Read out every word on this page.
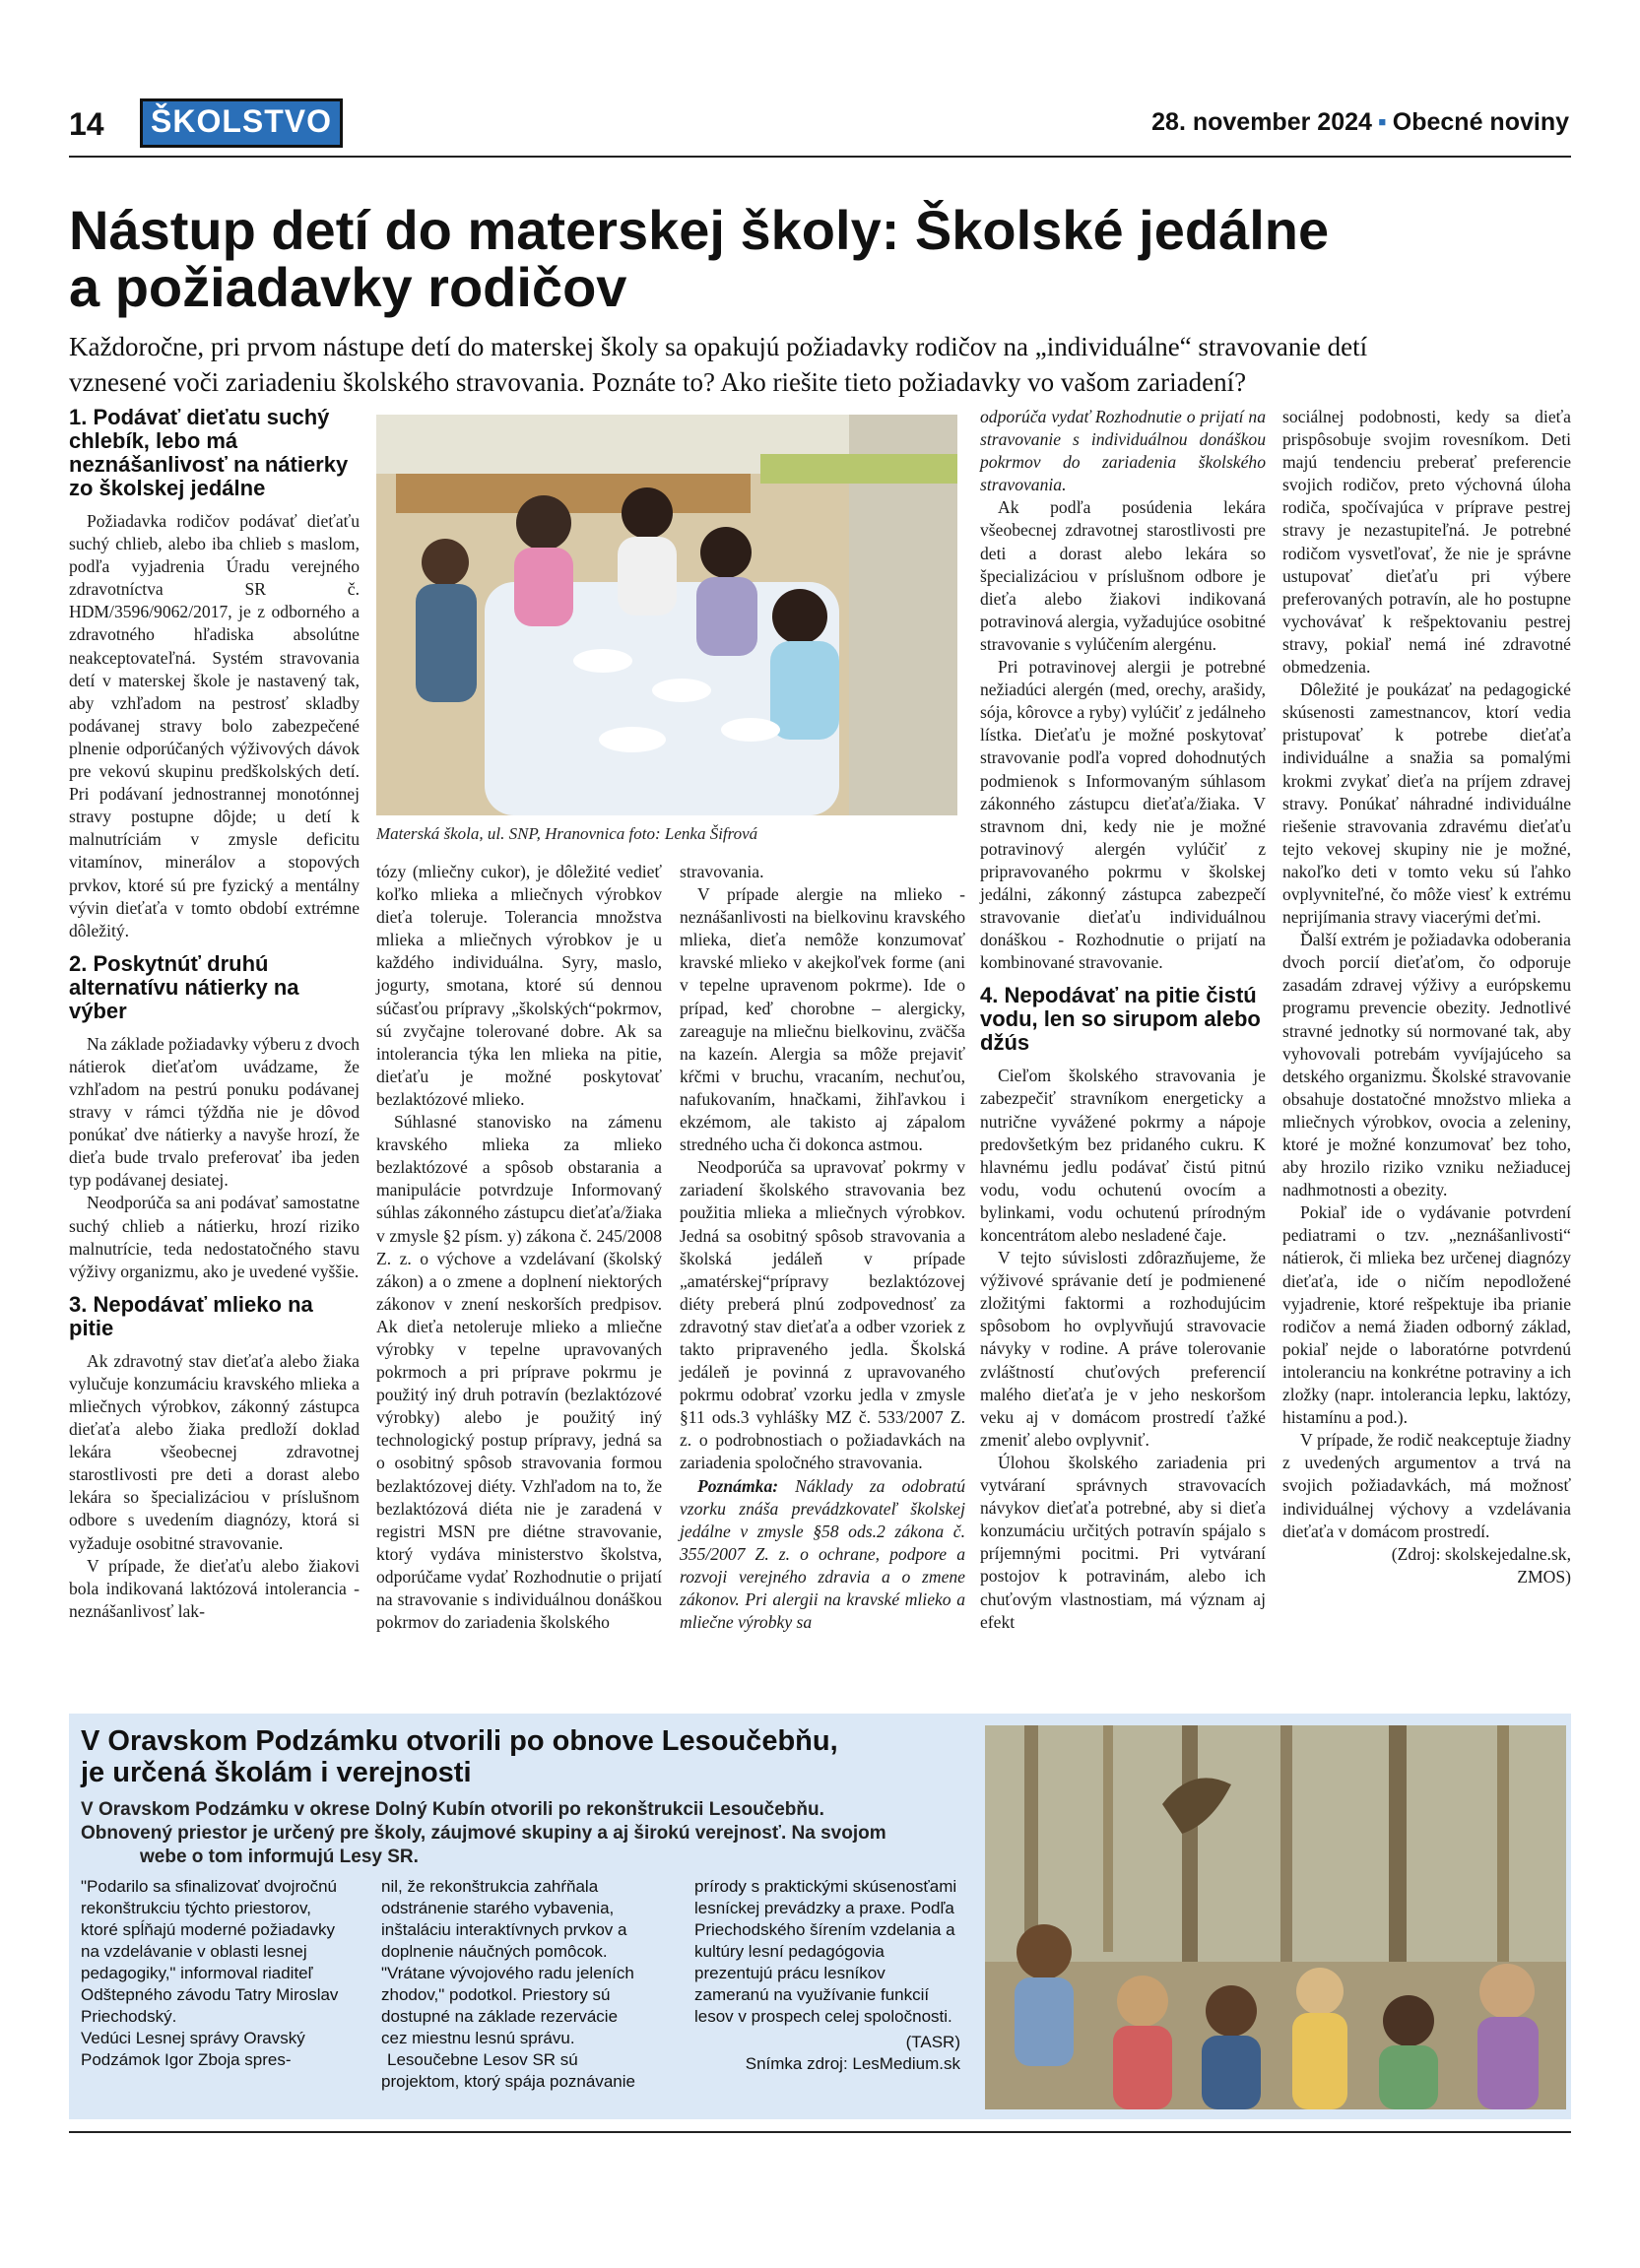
14	ŠKOLSTVO	28. november 2024 ▪ Obecné noviny
Nástup detí do materskej školy: Školské jedálne
a požiadavky rodičov
Každoročne, pri prvom nástupe detí do materskej školy sa opakujú požiadavky rodičov na „individuálne“ stravovanie detí
vznesené voči zariadeniu školského stravovania. Poznáte to? Ako riešite tieto požiadavky vo vašom zariadení?
1. Podávať dieťatu suchý chlebík, lebo má neznášanlivosť na nátierky zo školskej jedálne

Požiadavka rodičov podávať dieťaťu suchý chlieb, alebo iba chlieb s maslom, podľa vyjadrenia Úradu verejného zdravotníctva SR č. HDM/3596/9062/2017, je z odborného a zdravotného hľadiska absolútne neakceptovateľná. Systém stravovania detí v materskej škole je nastavený tak, aby vzhľadom na pestrosť skladby podávanej stravy bolo zabezpečené plnenie odporúčaných výživových dávok pre vekovú skupinu predškolských detí. Pri podávaní jednostrannej monotónnej stravy postupne dôjde; u detí k malnutríciám v zmysle deficitu vitamínov, minerálov a stopových prvkov, ktoré sú pre fyzický a mentálny vývin dieťaťa v tomto období extrémne dôležitý.

2. Poskytnúť druhú alternatívu nátierky na výber

Na základe požiadavky výberu z dvoch nátierok dieťaťom uvádzame, že vzhľadom na pestrú ponuku podávanej stravy v rámci týždňa nie je dôvod ponúkať dve nátierky a navyše hrozí, že dieťa bude trvalo preferovať iba jeden typ podávanej desiatej.

Neodporúča sa ani podávať samostatne suchý chlieb a nátierku, hrozí riziko malnutrície, teda nedostatočného stavu výživy organizmu, ako je uvedené vyššie.

3. Nepodávať mlieko na pitie

Ak zdravotný stav dieťaťa alebo žiaka vylučuje konzumáciu kravského mlieka a mliečnych výrobkov, zákonný zástupca dieťaťa alebo žiaka predloží doklad lekára všeobecnej zdravotnej starostlivosti pre deti a dorast alebo lekára so špecializáciou v príslušnom odbore s uvedením diagnózy, ktorá si vyžaduje osobitné stravovanie.

V prípade, že dieťaťu alebo žiakovi bola indikovaná laktózová intolerancia - neznášanlivosť lak-

Materská škola, ul. SNP, Hranovnica foto: Lenka Šifrová

tózy (mliečny cukor), je dôležité vedieť koľko mlieka a mliečnych výrobkov dieťa toleruje. Tolerancia množstva mlieka a mliečnych výrobkov je u každého individuálna. Syry, maslo, jogurty, smotana, ktoré sú dennou súčasťou prípravy „školských“pokrmov, sú zvyčajne tolerované dobre. Ak sa intolerancia týka len mlieka na pitie, dieťaťu je možné poskytovať bezlaktózové mlieko.

Súhlasné stanovisko na zámenu kravského mlieka za mlieko bezlaktózové a spôsob obstarania a manipulácie potvrdzuje Informovaný súhlas zákonného zástupcu dieťaťa/žiaka v zmysle §2 písm. y) zákona č. 245/2008 Z. z. o výchove a vzdelávaní (školský zákon) a o zmene a doplnení niektorých zákonov v znení neskorších predpisov. Ak dieťa netoleruje mlieko a mliečne výrobky v tepelne upravovaných pokrmoch a pri príprave pokrmu je použitý iný druh potravín (bezlaktózové výrobky) alebo je použitý iný technologický postup prípravy, jedná sa o osobitný spôsob stravovania formou bezlaktózovej diéty. Vzhľadom na to, že bezlaktózová diéta nie je zaradená v registri MSN pre diétne stravovanie, ktorý vydáva ministerstvo školstva, odporúčame vydať Rozhodnutie o prijatí na stravovanie s individuálnou donáškou pokrmov do zariadenia školského

stravovania.

V prípade alergie na mlieko - neznášanlivosti na bielkovinu kravského mlieka, dieťa nemôže konzumovať kravské mlieko v akejkoľvek forme (ani v tepelne upravenom pokrme). Ide o prípad, keď chorobne – alergicky, zareaguje na mliečnu bielkovinu, zväčša na kazeín. Alergia sa môže prejaviť kŕčmi v bruchu, vracaním, nechuťou, nafukovaním, hnačkami, žihľavkou i ekzémom, ale takisto aj zápalom stredného ucha či dokonca astmou.

Neodporúča sa upravovať pokrmy v zariadení školského stravovania bez použitia mlieka a mliečnych výrobkov. Jedná sa osobitný spôsob stravovania a školská jedáleň v prípade „amatérskej“prípravy bezlaktózovej diéty preberá plnú zodpovednosť za zdravotný stav dieťaťa a odber vzoriek z takto pripraveného jedla. Školská jedáleň je povinná z upravovaného pokrmu odobrať vzorku jedla v zmysle §11 ods.3 vyhlášky MZ č. 533/2007 Z. z. o podrobnostiach o požiadavkách na zariadenia spoločného stravovania.

Poznámka: Náklady za odobratú vzorku znáša prevádzkovateľ školskej jedálne v zmysle §58 ods.2 zákona č. 355/2007 Z. z. o ochrane, podpore a rozvoji verejného zdravia a o zmene zákonov. Pri alergii na kravské mlieko a mliečne výrobky sa

odporúča vydať Rozhodnutie o prijatí na stravovanie s individuálnou donáškou pokrmov do zariadenia školského stravovania.

Ak podľa posúdenia lekára všeobecnej zdravotnej starostlivosti pre deti a dorast alebo lekára so špecializáciou v príslušnom odbore je dieťa alebo žiakovi indikovaná potravinová alergia, vyžadujúce osobitné stravovanie s vylúčením alergénu.

Pri potravinovej alergii je potrebné nežiadúci alergén (med, orechy, arašidy, sója, kôrovce a ryby) vylúčiť z jedálneho lístka. Dieťaťu je možné poskytovať stravovanie podľa vopred dohodnutých podmienok s Informovaným súhlasom zákonného zástupcu dieťaťa/žiaka. V stravnom dni, kedy nie je možné potravinový alergén vylúčiť z pripravovaného pokrmu v školskej jedálni, zákonný zástupca zabezpečí stravovanie dieťaťu individuálnou donáškou - Rozhodnutie o prijatí na kombinované stravovanie.

4. Nepodávať na pitie čistú vodu, len so sirupom alebo džús

Cieľom školského stravovania je zabezpečiť stravníkom energeticky a nutrične vyvážené pokrmy a nápoje predovšetkým bez pridaného cukru. K hlavnému jedlu podávať čistú pitnú vodu, vodu ochutenú ovocím a bylinkami, vodu ochutenú prírodným koncentrátom alebo nesladené čaje.

V tejto súvislosti zdôrazňujeme, že výživové správanie detí je podmienené zložitými faktormi a rozhodujúcim spôsobom ho ovplyvňujú stravovacie návyky v rodine. A práve tolerovanie zvláštností chuťových preferencií malého dieťaťa je v jeho neskoršom veku aj v domácom prostredí ťažké zmeniť alebo ovplyvniť.

Úlohou školského zariadenia pri vytváraní správnych stravovacích návykov dieťaťa potrebné, aby si dieťa konzumáciu určitých potravín spájalo s príjemnými pocitmi. Pri vytváraní postojov k potravinám, alebo ich chuťovým vlastnostiam, má význam aj efekt

sociálnej podobnosti, kedy sa dieťa prispôsobuje svojim rovesníkom. Deti majú tendenciu preberať preferencie svojich rodičov, preto výchovná úloha rodiča, spočívajúca v príprave pestrej stravy je nezastupiteľná. Je potrebné rodičom vysvetľovať, že nie je správne ustupovať dieťaťu pri výbere preferovaných potravín, ale ho postupne vychovávať k rešpektovaniu pestrej stravy, pokiaľ nemá iné zdravotné obmedzenia.

Dôležité je poukázať na pedagogické skúsenosti zamestnancov, ktorí vedia pristupovať k potrebe dieťaťa individuálne a snažia sa pomalými krokmi zvykať dieťa na príjem zdravej stravy. Ponúkať náhradné individuálne riešenie stravovania zdravému dieťaťu tejto vekovej skupiny nie je možné, nakoľko deti v tomto veku sú ľahko ovplyvniteľné, čo môže viesť k extrému neprijímania stravy viacerými deťmi.

Ďalší extrém je požiadavka odoberania dvoch porcií dieťaťom, čo odporuje zasadám zdravej výživy a európskemu programu prevencie obezity. Jednotlivé stravné jednotky sú normované tak, aby vyhovovali potrebám vyvíjajúceho sa detského organizmu. Školské stravovanie obsahuje dostatočné množstvo mlieka a mliečnych výrobkov, ovocia a zeleniny, ktoré je možné konzumovať bez toho, aby hrozilo riziko vzniku nežiaducej nadhmotnosti a obezity.

Pokiaľ ide o vydávanie potvrdení pediatrami o tzv. „neznášanlivosti“ nátierok, či mlieka bez určenej diagnózy dieťaťa, ide o ničím nepodložené vyjadrenie, ktoré rešpektuje iba prianie rodičov a nemá žiaden odborný základ, pokiaľ nejde o laboratórne potvrdenú intoleranciu na konkrétne potraviny a ich zložky (napr. intolerancia lepku, laktózy, histamínu a pod.).

V prípade, že rodič neakceptuje žiadny z uvedených argumentov a trvá na svojich požiadavkách, má možnosť individuálnej výchovy a vzdelávania dieťaťa v domácom prostredí.

(Zdroj: skolskejedalne.sk,
ZMOS)
V Oravskom Podzámku otvorili po obnove Lesoučebňu,
je určená školám i verejnosti
V Oravskom Podzámku v okrese Dolný Kubín otvorili po rekonštrukcii Lesoučebňu.
Obnovený priestor je určený pre školy, záujmové skupiny a aj širokú verejnosť. Na svojom
webe o tom informujú Lesy SR.

"Podarilo sa sfinalizovať dvojročnú rekonštrukciu týchto priestorov, ktoré spĺňajú moderné požiadavky na vzdelávanie v oblasti lesnej pedagogiky," informoval riaditeľ Odštepného závodu Tatry Miroslav Priechodský.

Vedúci Lesnej správy Oravský Podzámok Igor Zboja spres-

nil, že rekonštrukcia zahŕňala odstránenie starého vybavenia, inštaláciu interaktívnych prvkov a doplnenie náučných pomôcok. "Vrátane vývojového radu jeleních zhodov," podotkol. Priestory sú dostupné na základe rezervácie cez miestnu lesnú správu.

Lesoučebne Lesov SR sú projektom, ktorý spája poznávanie

prírody s praktickými skúsenosťami lesníckej prevádzky a praxe. Podľa Priechodského šírením vzdelania a kultúry lesní pedagógovia prezentujú prácu lesníkov zameranú na využívanie funkcií lesov v prospech celej spoločnosti.

(TASR)
Snímka zdroj: LesMedium.sk
